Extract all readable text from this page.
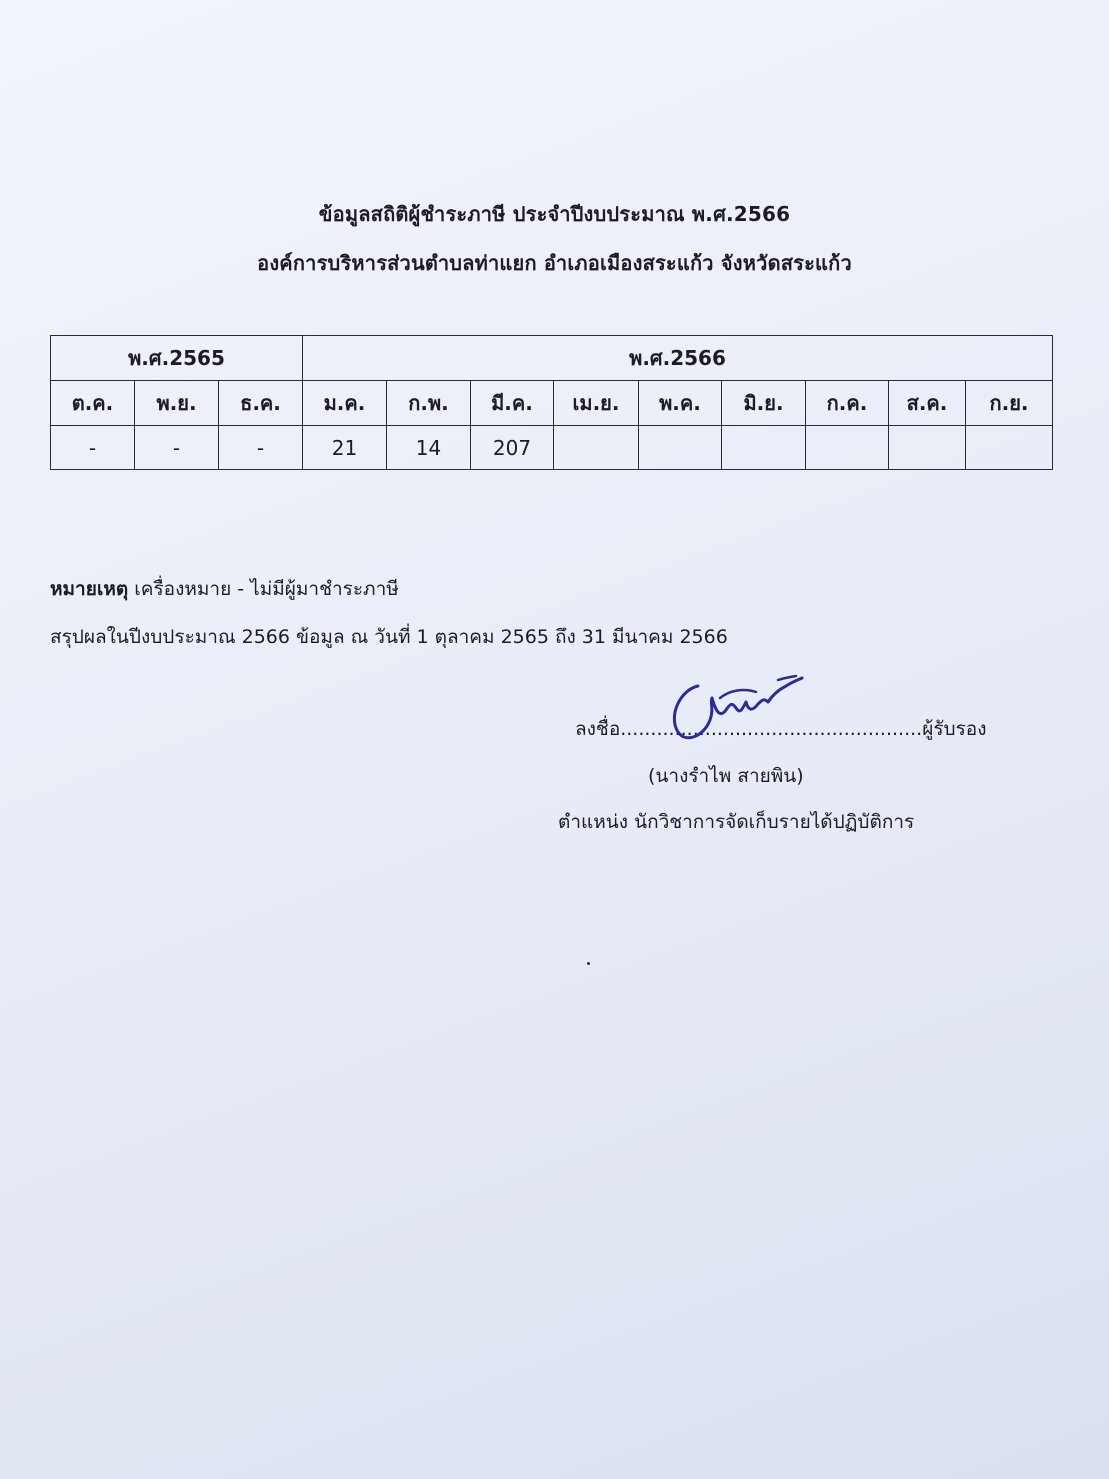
ข้อมูลสถิติผู้ชำระภาษี ประจำปีงบประมาณ พ.ศ.2566
องค์การบริหารส่วนตำบลท่าแยก อำเภอเมืองสระแก้ว จังหวัดสระแก้ว
พ.ศ.2565			พ.ศ.2566								
ต.ค.	พ.ย.	ธ.ค.	ม.ค.	ก.พ.	มี.ค.	เม.ย.	พ.ค.	มิ.ย.	ก.ค.	ส.ค.	ก.ย.
-	-	-	21	14	207						
หมายเหตุ เครื่องหมาย - ไม่มีผู้มาชำระภาษี
สรุปผลในปีงบประมาณ 2566 ข้อมูล ณ วันที่ 1 ตุลาคม 2565 ถึง 31 มีนาคม 2566
ลงชื่อ..................................................ผู้รับรอง
(นางรำไพ สายพิน)
ตำแหน่ง นักวิชาการจัดเก็บรายได้ปฏิบัติการ
